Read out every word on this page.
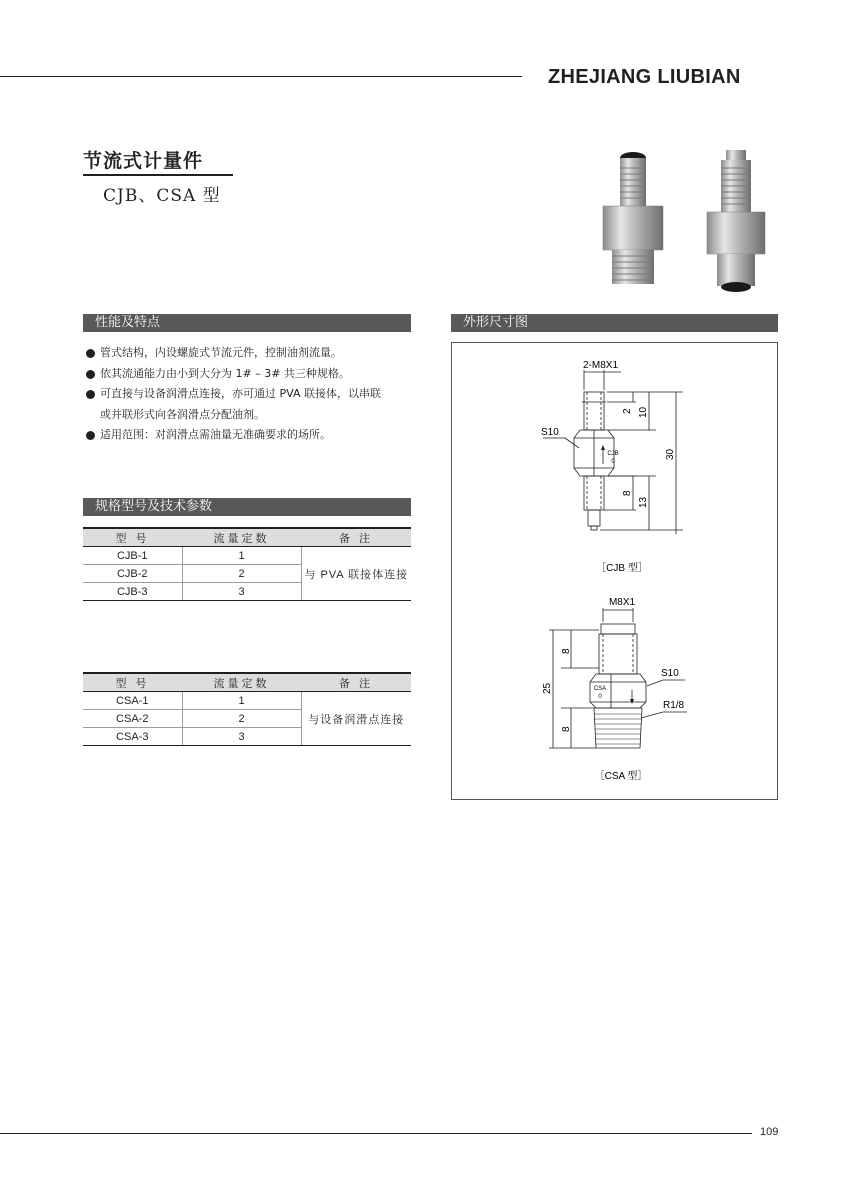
ZHEJIANG LIUBIAN
节流式计量件
CJB、CSA 型
性能及特点
管式结构，内设螺旋式节流元件，控制油剂流量。
依其流通能力由小到大分为 1# – 3# 共三种规格。
可直接与设备润滑点连接，亦可通过 PVA 联接体，以串联
或并联形式向各润滑点分配油剂。
适用范围：对润滑点需油量无准确要求的场所。
规格型号及技术参数
型 号	流量定数	备 注
CJB-1	1	与 PVA 联接体连接
CJB-2	2	
CJB-3	3	
型 号	流量定数	备 注
CSA-1	1	与设备润滑点连接
CSA-2	2	
CSA-3	3	
外形尺寸图
2-M8X1
S10
CJB
0
2 10
30
8
13
［CJB 型］
M8X1
S10
R1/8
CSA
0
8
25
8
［CSA 型］
109
